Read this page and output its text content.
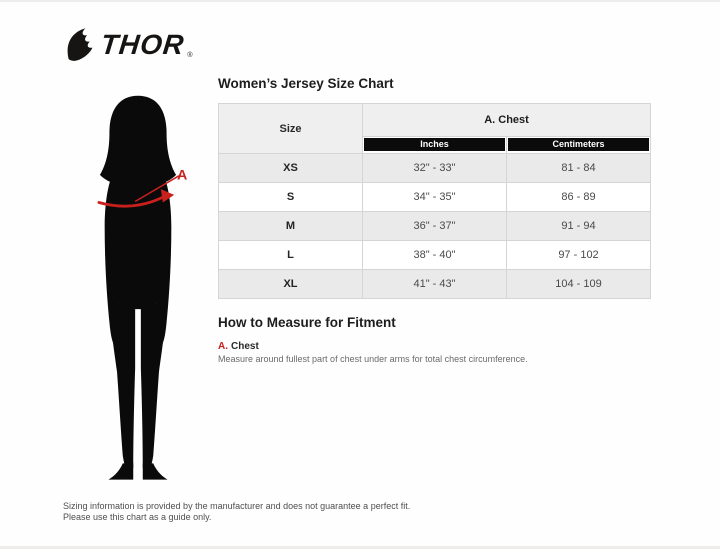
THOR ®
A
Women’s Jersey Size Chart
Size	A. Chest	

	Inches	Centimeters

XS	32" - 33"	81 - 84
S	34" - 35"	86 - 89
M	36" - 37"	91 - 94
L	38" - 40"	97 - 102
XL	41" - 43"	104 - 109
How to Measure for Fitment
A. Chest
Measure around fullest part of chest under arms for total chest circumference.
Sizing information is provided by the manufacturer and does not guarantee a perfect fit.
Please use this chart as a guide only.
